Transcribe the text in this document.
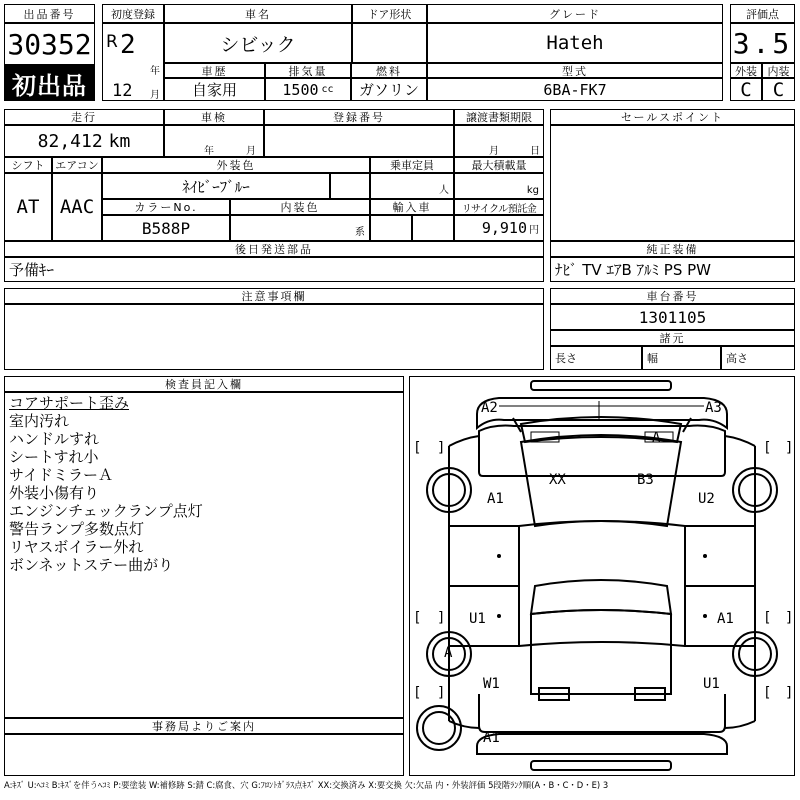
出品番号
30352
初出品
初度登録
R 2
年
12 月
車名
シビック
ドア形状	グレード
Hateh
車歴
自家用
排気量
1500 cc
燃料
ガソリン
型式
6BA-FK7
評価点
3.5
外装 内装
C	C
走行
82,412 km
車検
年	月
登録番号	譲渡書類期限
月	日
セールスポイント
シフト
AT
エアコン
AAC
外装色
ﾈｲﾋﾞｰﾌﾞﾙｰ
乗車定員
人
最大積載量
kg
カラーNo.
B588P
内装色
系
輸入車	リサイクル預託金
9,910 円
後日発送部品
予備ｷｰ
純正装備
ﾅﾋﾞ TV ｴｱB ｱﾙﾐ PS PW
注意事項欄	車台番号
1301105
諸元
長さ	幅	高さ
検査員記入欄
コアサポート歪み
室内汚れ
ハンドルすれ
シートすれ小
サイドミラーＡ
外装小傷有り
エンジンチェックランプ点灯
警告ランプ多数点灯
リヤスボイラー外れ
ボンネットステー曲がり
事務局よりご案内
[ ]	[ ]
[ ]	[ ]
[ ]	[ ]
A2	A3
A
XX	B3
A1	U2
U1	A1
A
W1	U1
A1
A:ｷｽﾞ U:ﾍｺﾐ B:ｷｽﾞを伴うﾍｺﾐ P:要塗装 W:補修跡 S:錆 C:腐食、穴 G:ﾌﾛﾝﾄｶﾞﾗｽ点ｷｽﾞ XX:交換済み X:要交換 欠:欠品 内・外装評価 5段階ﾗﾝｸ順(A・B・C・D・E) 3
